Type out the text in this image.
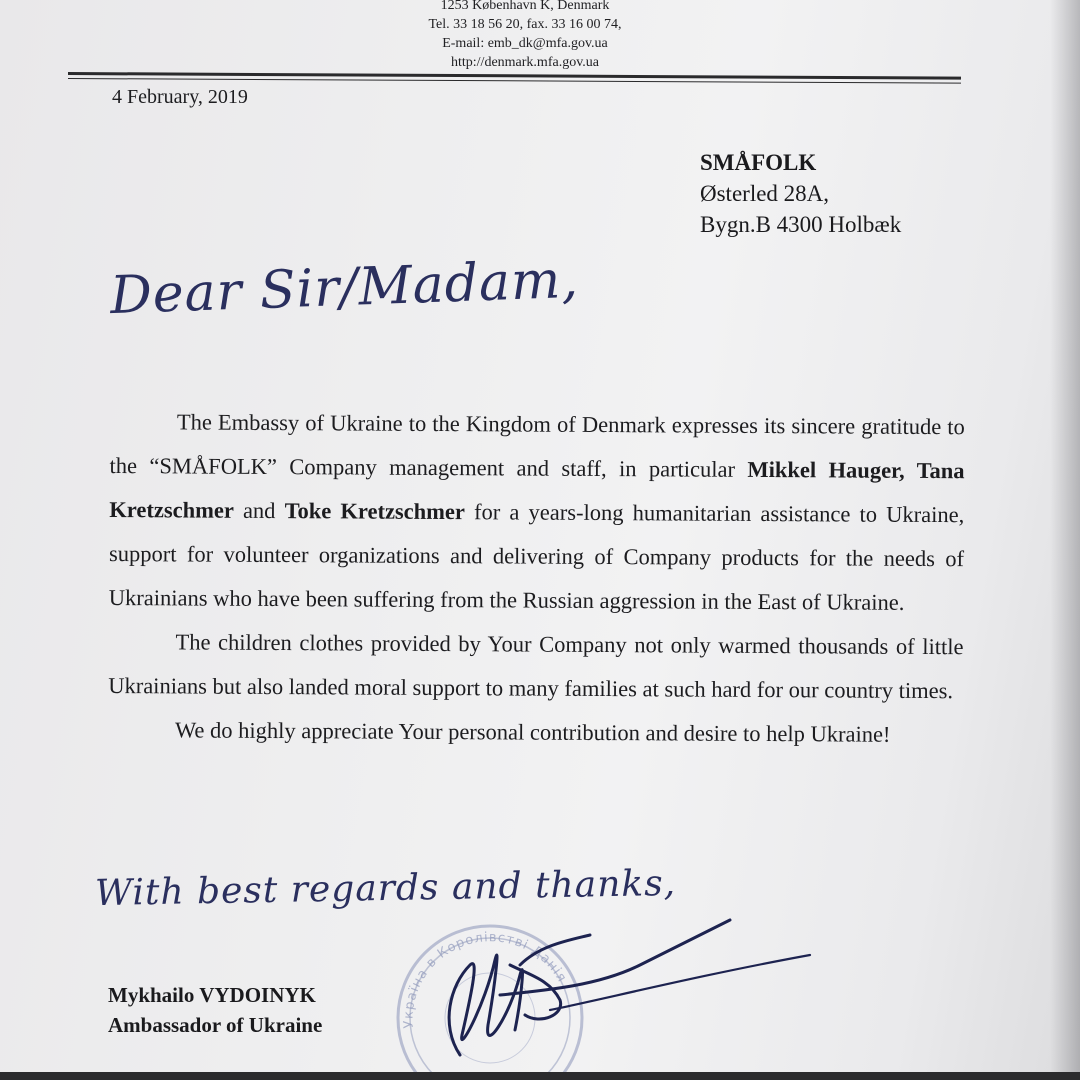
1253 København K, Denmark
Tel. 33 18 56 20, fax. 33 16 00 74,
E-mail: emb_dk@mfa.gov.ua
http://denmark.mfa.gov.ua
4 February, 2019
SMÅFOLK
Østerled 28A,
Bygn.B 4300 Holbæk
Dear Sir/Madam,

The Embassy of Ukraine to the Kingdom of Denmark expresses its sincere gratitude to the “SMÅFOLK” Company management and staff, in particular Mikkel Hauger, Tana Kretzschmer and Toke Kretzschmer for a years-long humanitarian assistance to Ukraine, support for volunteer organizations and delivering of Company products for the needs of Ukrainians who have been suffering from the Russian aggression in the East of Ukraine.

The children clothes provided by Your Company not only warmed thousands of little Ukrainians but also landed moral support to many families at such hard for our country times.

We do highly appreciate Your personal contribution and desire to help Ukraine!

With best regards and thanks,
Україна в Королівстві Данія
Mykhailo VYDOINYK
Ambassador of Ukraine
